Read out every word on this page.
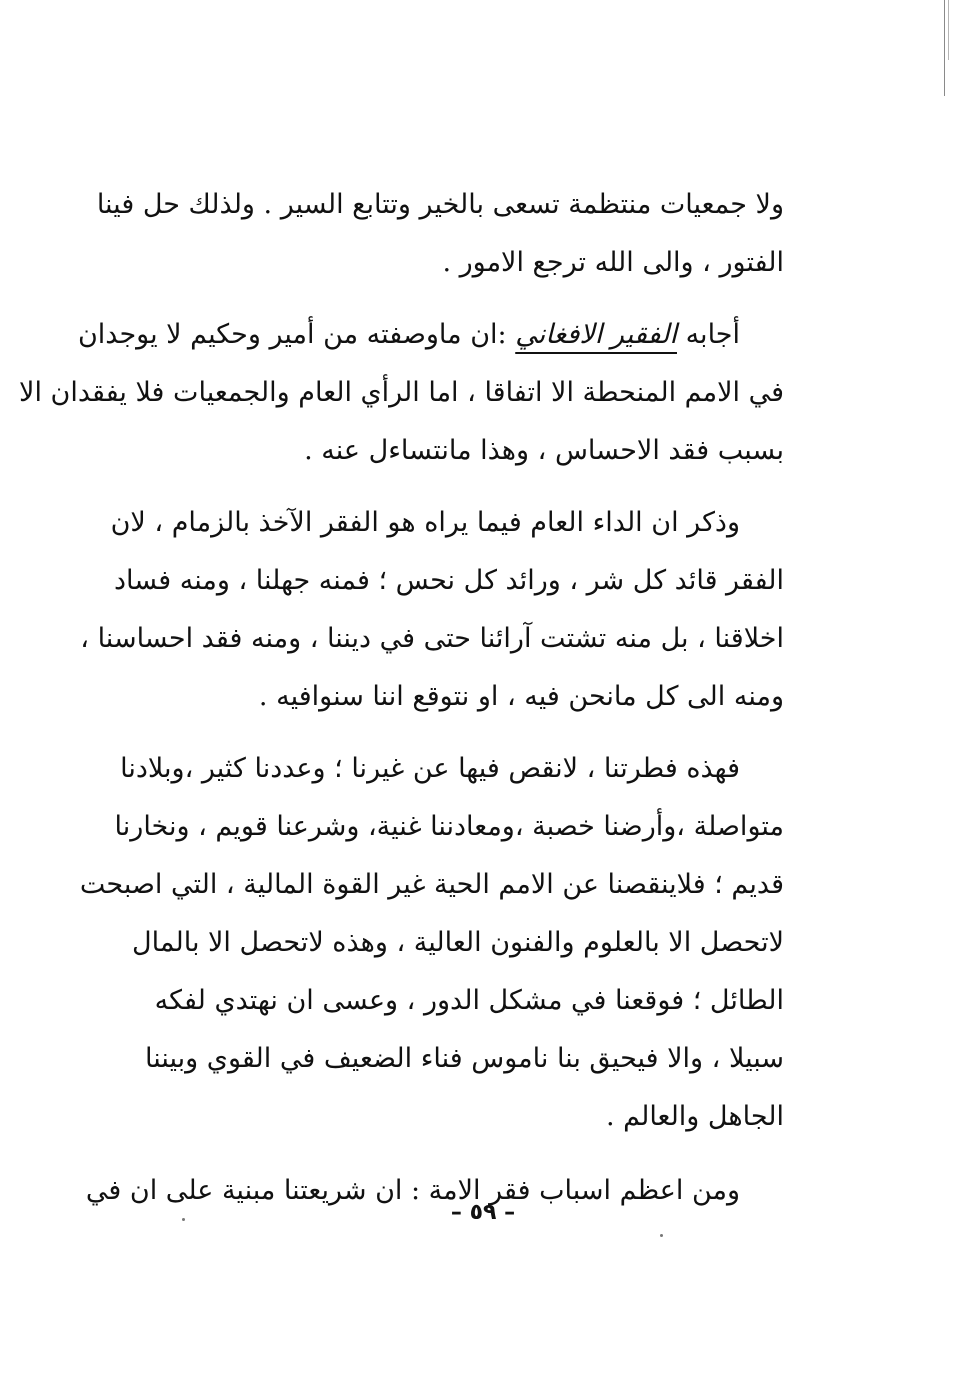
ولا جمعيات منتظمة تسعى بالخير وتتابع السير . ولذلك حل فينا
الفتور ، والى الله ترجع الامور .
أجابه الفقير الافغاني :ان ماوصفته من أمير وحكيم لا يوجدان
في الامم المنحطة الا اتفاقا ، اما الرأي العام والجمعيات فلا يفقدان الا
بسبب فقد الاحساس ، وهذا مانتساءل عنه .
وذكر ان الداء العام فيما يراه هو الفقر الآخذ بالزمام ، لان
الفقر قائد كل شر ، ورائد كل نحس ؛ فمنه جهلنا ، ومنه فساد
اخلاقنا ، بل منه تشتت آرائنا حتى في ديننا ، ومنه فقد احساسنا ،
ومنه الى كل مانحن فيه ، او نتوقع اننا سنوافيه .
فهذه فطرتنا ، لانقص فيها عن غيرنا ؛ وعددنا كثير ،وبلادنا
متواصلة ،وأرضنا خصبة ،ومعادننا غنية، وشرعنا قويم ، ونخارنا
قديم ؛ فلاينقصنا عن الامم الحية غير القوة المالية ، التي اصبحت
لاتحصل الا بالعلوم والفنون العالية ، وهذه لاتحصل الا بالمال
الطائل ؛ فوقعنا في مشكل الدور ، وعسى ان نهتدي لفكه
سبيلا ، والا فيحيق بنا ناموس فناء الضعيف في القوي وبيننا
الجاهل والعالم .
ومن اعظم اسباب فقر الامة : ان شريعتنا مبنية على ان في
– ٥٩ –
